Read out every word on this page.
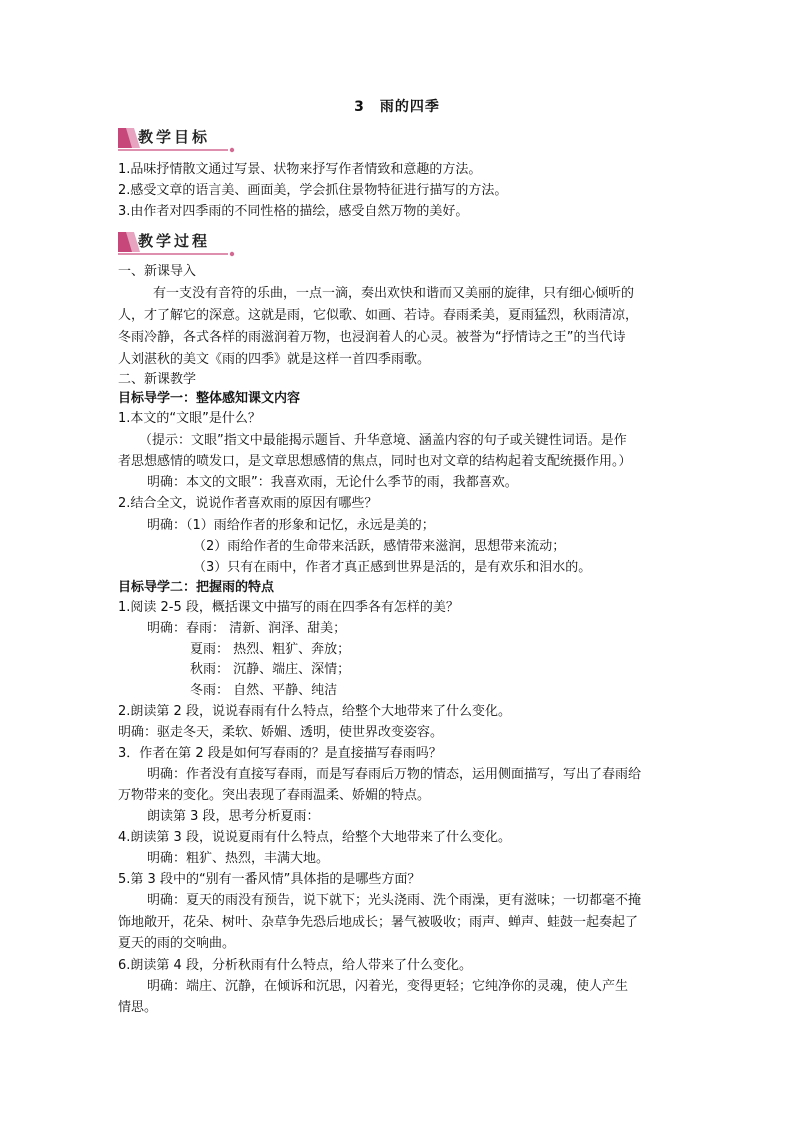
3　雨的四季
教学目标
教学过程
1.品味抒情散文通过写景、状物来抒写作者情致和意趣的方法。
2.感受文章的语言美、画面美，学会抓住景物特征进行描写的方法。
3.由作者对四季雨的不同性格的描绘，感受自然万物的美好。
一、新课导入
有一支没有音符的乐曲，一点一滴，奏出欢快和谐而又美丽的旋律，只有细心倾听的
人，才了解它的深意。这就是雨，它似歌、如画、若诗。春雨柔美，夏雨猛烈，秋雨清凉，
冬雨冷静，各式各样的雨滋润着万物，也浸润着人的心灵。被誉为“抒情诗之王”的当代诗
人刘湛秋的美文《雨的四季》就是这样一首四季雨歌。
二、新课教学
目标导学一：整体感知课文内容
1.本文的“文眼”是什么？
（提示：文眼”指文中最能揭示题旨、升华意境、涵盖内容的句子或关键性词语。是作
者思想感情的喷发口，是文章思想感情的焦点，同时也对文章的结构起着支配统摄作用。）
明确：本文的文眼”：我喜欢雨，无论什么季节的雨，我都喜欢。
2.结合全文，说说作者喜欢雨的原因有哪些？
明确：（1）雨给作者的形象和记忆，永远是美的；
（2）雨给作者的生命带来活跃，感情带来滋润，思想带来流动；
（3）只有在雨中，作者才真正感到世界是活的，是有欢乐和泪水的。
目标导学二：把握雨的特点
1.阅读 2-5 段，概括课文中描写的雨在四季各有怎样的美？
明确：春雨： 清新、润泽、甜美；
夏雨： 热烈、粗犷、奔放；
秋雨： 沉静、端庄、深情；
冬雨： 自然、平静、纯洁
2.朗读第 2 段，说说春雨有什么特点，给整个大地带来了什么变化。
明确：驱走冬天，柔软、娇媚、透明，使世界改变姿容。
3．作者在第 2 段是如何写春雨的？是直接描写春雨吗？
明确：作者没有直接写春雨，而是写春雨后万物的情态，运用侧面描写，写出了春雨给
万物带来的变化。突出表现了春雨温柔、娇媚的特点。
朗读第 3 段，思考分析夏雨：
4.朗读第 3 段，说说夏雨有什么特点，给整个大地带来了什么变化。
明确：粗犷、热烈，丰满大地。
5.第 3 段中的“别有一番风情”具体指的是哪些方面？
明确：夏天的雨没有预告，说下就下；光头浇雨、洗个雨澡，更有滋味；一切都毫不掩
饰地敞开，花朵、树叶、杂草争先恐后地成长；暑气被吸收；雨声、蝉声、蛙鼓一起奏起了
夏天的雨的交响曲。
6.朗读第 4 段，分析秋雨有什么特点，给人带来了什么变化。
明确：端庄、沉静，在倾诉和沉思，闪着光，变得更轻；它纯净你的灵魂，使人产生
情思。
